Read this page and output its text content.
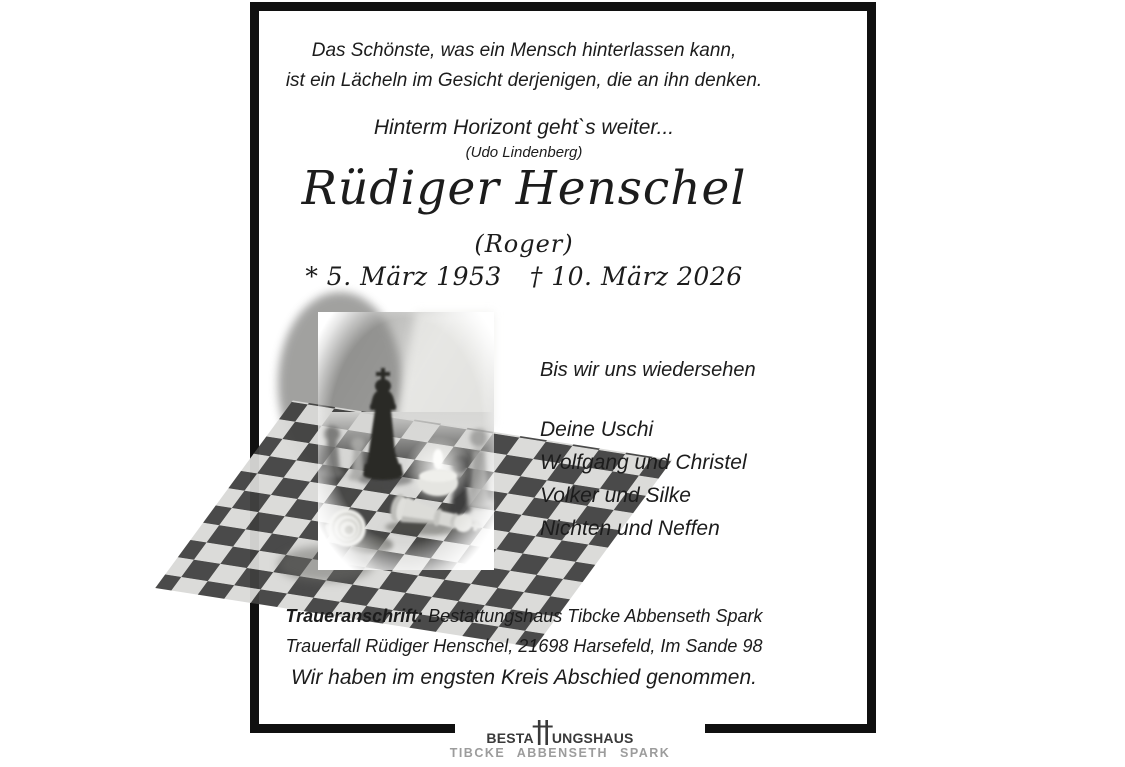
Das Schönste, was ein Mensch hinterlassen kann,
ist ein Lächeln im Gesicht derjenigen, die an ihn denken.
Hinterm Horizont geht`s weiter...
(Udo Lindenberg)
Rüdiger Henschel
(Roger)
* 5. März 1953 † 10. März 2026
Bis wir uns wiedersehen
Deine Uschi
Wolfgang und Christel
Volker und Silke
Nichten und Neffen
Traueranschrift: Bestattungshaus Tibcke Abbenseth Spark
Trauerfall Rüdiger Henschel, 21698 Harsefeld, Im Sande 98
Wir haben im engsten Kreis Abschied genommen.
BESTA UNGSHAUS
TIBCKE ABBENSETH SPARK
